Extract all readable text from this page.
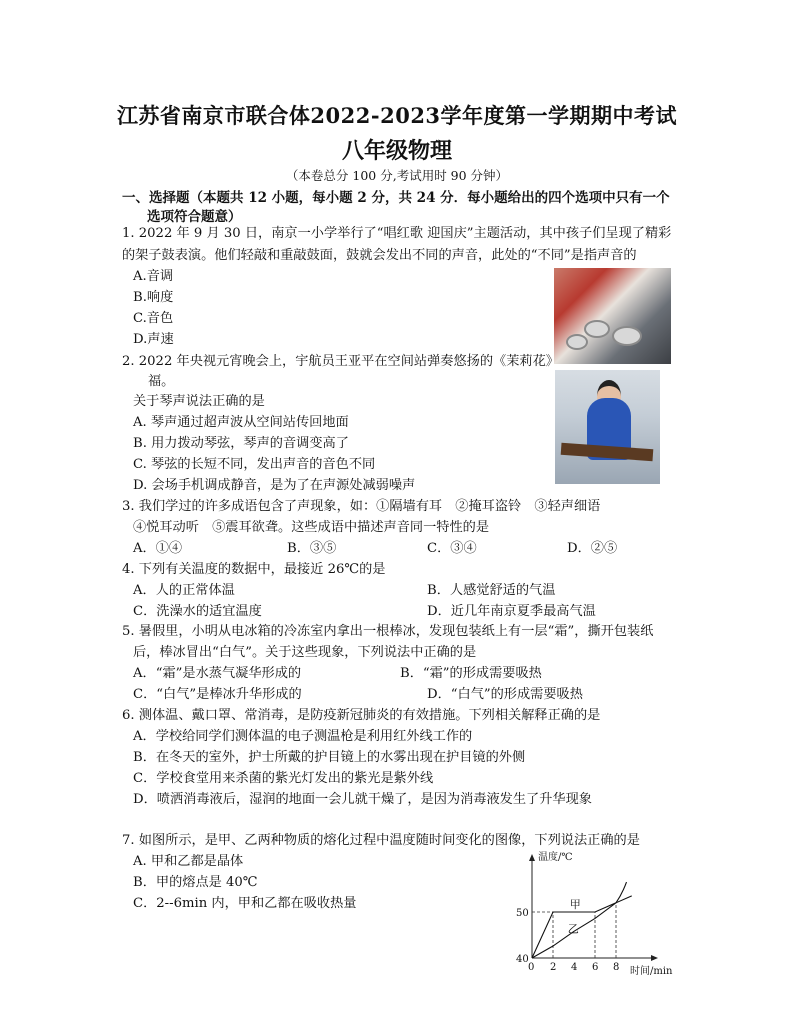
江苏省南京市联合体2022-2023学年度第一学期期中考试
八年级物理
（本卷总分 100 分,考试用时 90 分钟）
一、选择题（本题共 12 小题，每小题 2 分，共 24 分．每小题给出的四个选项中只有一个
选项符合题意）
1. 2022 年 9 月 30 日，南京一小学举行了“唱红歌 迎国庆”主题活动，其中孩子们呈现了精彩
的架子鼓表演。他们轻敲和重敲鼓面，鼓就会发出不同的声音，此处的“不同”是指声音的
A.音调
B.响度
C.音色
D.声速
2. 2022 年央视元宵晚会上，宇航员王亚平在空间站弹奏悠扬的《茉莉花》
福。
关于琴声说法正确的是
A. 琴声通过超声波从空间站传回地面
B. 用力拨动琴弦，琴声的音调变高了
C. 琴弦的长短不同，发出声音的音色不同
D. 会场手机调成静音，是为了在声源处减弱噪声
3. 我们学过的许多成语包含了声现象，如：①隔墙有耳　②掩耳盗铃　③轻声细语
④悦耳动听　⑤震耳欲聋。这些成语中描述声音同一特性的是
A．①④	B．③⑤	C．③④	D．②⑤
4. 下列有关温度的数据中，最接近 26℃的是
A．人的正常体温	B．人感觉舒适的气温
C．洗澡水的适宜温度	D．近几年南京夏季最高气温
5. 暑假里，小明从电冰箱的冷冻室内拿出一根棒冰，发现包装纸上有一层“霜”，撕开包装纸
后，棒冰冒出“白气”。关于这些现象，下列说法中正确的是
A．“霜”是水蒸气凝华形成的	B．“霜”的形成需要吸热
C．“白气”是棒冰升华形成的	D．“白气”的形成需要吸热
6. 测体温、戴口罩、常消毒，是防疫新冠肺炎的有效措施。下列相关解释正确的是
A．学校给同学们测体温的电子测温枪是利用红外线工作的
B．在冬天的室外，护士所戴的护目镜上的水雾出现在护目镜的外侧
C．学校食堂用来杀菌的紫光灯发出的紫光是紫外线
D．喷洒消毒液后，湿润的地面一会儿就干燥了，是因为消毒液发生了升华现象
7. 如图所示，是甲、乙两种物质的熔化过程中温度随时间变化的图像，下列说法正确的是
A. 甲和乙都是晶体
B．甲的熔点是 40℃
C．2--6min 内，甲和乙都在吸收热量
0 2 4 6 8
40
50
温度/℃
时间/min
甲
乙
